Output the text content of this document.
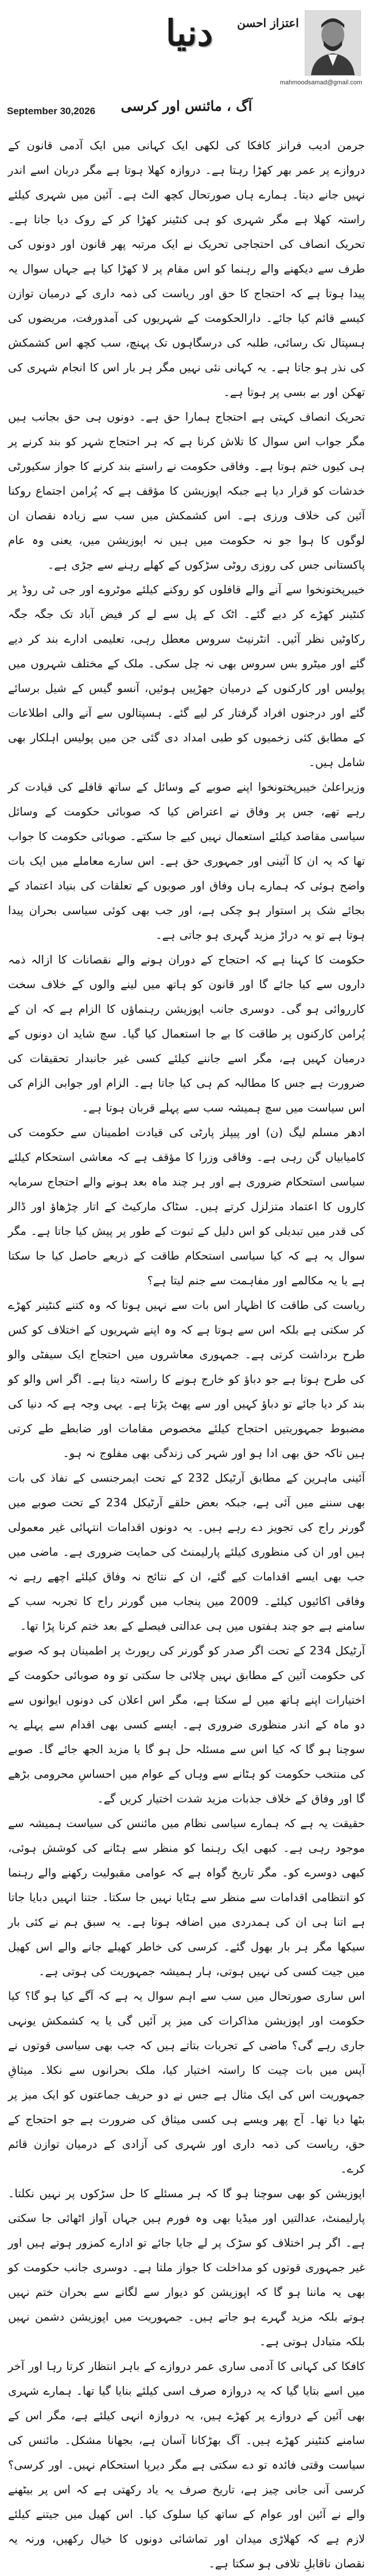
دنیا	اعتزاز احسن
mahmoodsamad@gmail.com
September 30,2026	آگ ، مائنس اور کرسی

جرمن ادیب فرانز کافکا کی لکھی ایک کہانی میں ایک آدمی قانون کے دروازے پر عمر بھر کھڑا رہتا ہے۔ دروازہ کھلا ہوتا ہے مگر دربان اسے اندر نہیں جانے دیتا۔ ہمارے ہاں صورتحال کچھ الٹ ہے۔ آئین میں شہری کیلئے راستہ کھلا ہے مگر شہری کو ہی کنٹینر کھڑا کر کے روک دیا جاتا ہے۔ تحریک انصاف کی احتجاجی تحریک نے ایک مرتبہ پھر قانون اور دونوں کی طرف سے دیکھنے والے رہنما کو اس مقام پر لا کھڑا کیا ہے جہاں سوال یہ پیدا ہوتا ہے کہ احتجاج کا حق اور ریاست کی ذمہ داری کے درمیان توازن کیسے قائم کیا جائے۔ دارالحکومت کے شہریوں کی آمدورفت، مریضوں کی ہسپتال تک رسائی، طلبہ کی درسگاہوں تک پہنچ، سب کچھ اس کشمکش کی نذر ہو جاتا ہے۔ یہ کہانی نئی نہیں مگر ہر بار اس کا انجام شہری کی تھکن اور بے بسی پر ہوتا ہے۔

تحریک انصاف کہتی ہے احتجاج ہمارا حق ہے۔ دونوں ہی حق بجانب ہیں مگر جواب اس سوال کا تلاش کرنا ہے کہ ہر احتجاج شہر کو بند کرنے پر ہی کیوں ختم ہوتا ہے۔ وفاقی حکومت نے راستے بند کرنے کا جواز سکیورٹی خدشات کو قرار دیا ہے جبکہ اپوزیشن کا مؤقف ہے کہ پُرامن اجتماع روکنا آئین کی خلاف ورزی ہے۔ اس کشمکش میں سب سے زیادہ نقصان ان لوگوں کا ہوا جو نہ حکومت میں ہیں نہ اپوزیشن میں، یعنی وہ عام پاکستانی جس کی روزی روٹی سڑکوں کے کھلے رہنے سے جڑی ہے۔

خیبرپختونخوا سے آنے والے قافلوں کو روکنے کیلئے موٹروے اور جی ٹی روڈ پر کنٹینر کھڑے کر دیے گئے۔ اٹک کے پل سے لے کر فیض آباد تک جگہ جگہ رکاوٹیں نظر آئیں۔ انٹرنیٹ سروس معطل رہی، تعلیمی ادارے بند کر دیے گئے اور میٹرو بس سروس بھی نہ چل سکی۔ ملک کے مختلف شہروں میں پولیس اور کارکنوں کے درمیان جھڑپیں ہوئیں، آنسو گیس کے شیل برسائے گئے اور درجنوں افراد گرفتار کر لیے گئے۔ ہسپتالوں سے آنے والی اطلاعات کے مطابق کئی زخمیوں کو طبی امداد دی گئی جن میں پولیس اہلکار بھی شامل ہیں۔

وزیراعلیٰ خیبرپختونخوا اپنے صوبے کے وسائل کے ساتھ قافلے کی قیادت کر رہے تھے، جس پر وفاق نے اعتراض کیا کہ صوبائی حکومت کے وسائل سیاسی مقاصد کیلئے استعمال نہیں کیے جا سکتے۔ صوبائی حکومت کا جواب تھا کہ یہ ان کا آئینی اور جمہوری حق ہے۔ اس سارے معاملے میں ایک بات واضح ہوئی کہ ہمارے ہاں وفاق اور صوبوں کے تعلقات کی بنیاد اعتماد کے بجائے شک پر استوار ہو چکی ہے، اور جب بھی کوئی سیاسی بحران پیدا ہوتا ہے تو یہ دراڑ مزید گہری ہو جاتی ہے۔

حکومت کا کہنا ہے کہ احتجاج کے دوران ہونے والے نقصانات کا ازالہ ذمہ داروں سے کیا جائے گا اور قانون کو ہاتھ میں لینے والوں کے خلاف سخت کارروائی ہو گی۔ دوسری جانب اپوزیشن رہنماؤں کا الزام ہے کہ ان کے پُرامن کارکنوں پر طاقت کا بے جا استعمال کیا گیا۔ سچ شاید ان دونوں کے درمیان کہیں ہے، مگر اسے جاننے کیلئے کسی غیر جانبدار تحقیقات کی ضرورت ہے جس کا مطالبہ کم ہی کیا جاتا ہے۔ الزام اور جوابی الزام کی اس سیاست میں سچ ہمیشہ سب سے پہلے قربان ہوتا ہے۔

ادھر مسلم لیگ (ن) اور پیپلز پارٹی کی قیادت اطمینان سے حکومت کی کامیابیاں گن رہی ہے۔ وفاقی وزرا کا مؤقف ہے کہ معاشی استحکام کیلئے سیاسی استحکام ضروری ہے اور ہر چند ماہ بعد ہونے والے احتجاج سرمایہ کاروں کا اعتماد متزلزل کرتے ہیں۔ سٹاک مارکیٹ کے اتار چڑھاؤ اور ڈالر کی قدر میں تبدیلی کو اس دلیل کے ثبوت کے طور پر پیش کیا جاتا ہے۔ مگر سوال یہ ہے کہ کیا سیاسی استحکام طاقت کے ذریعے حاصل کیا جا سکتا ہے یا یہ مکالمے اور مفاہمت سے جنم لیتا ہے؟

ریاست کی طاقت کا اظہار اس بات سے نہیں ہوتا کہ وہ کتنے کنٹینر کھڑے کر سکتی ہے بلکہ اس سے ہوتا ہے کہ وہ اپنے شہریوں کے اختلاف کو کس طرح برداشت کرتی ہے۔ جمہوری معاشروں میں احتجاج ایک سیفٹی والو کی طرح ہوتا ہے جو دباؤ کو خارج ہونے کا راستہ دیتا ہے۔ اگر اس والو کو بند کر دیا جائے تو دباؤ کہیں اور سے پھٹ پڑتا ہے۔ یہی وجہ ہے کہ دنیا کی مضبوط جمہوریتیں احتجاج کیلئے مخصوص مقامات اور ضابطے طے کرتی ہیں تاکہ حق بھی ادا ہو اور شہر کی زندگی بھی مفلوج نہ ہو۔

آئینی ماہرین کے مطابق آرٹیکل 232 کے تحت ایمرجنسی کے نفاذ کی بات بھی سننے میں آئی ہے، جبکہ بعض حلقے آرٹیکل 234 کے تحت صوبے میں گورنر راج کی تجویز دے رہے ہیں۔ یہ دونوں اقدامات انتہائی غیر معمولی ہیں اور ان کی منظوری کیلئے پارلیمنٹ کی حمایت ضروری ہے۔ ماضی میں جب بھی ایسے اقدامات کیے گئے، ان کے نتائج نہ وفاق کیلئے اچھے رہے نہ وفاقی اکائیوں کیلئے۔ 2009 میں پنجاب میں گورنر راج کا تجربہ سب کے سامنے ہے جو چند ہفتوں میں ہی عدالتی فیصلے کے بعد ختم کرنا پڑا تھا۔

آرٹیکل 234 کے تحت اگر صدر کو گورنر کی رپورٹ پر اطمینان ہو کہ صوبے کی حکومت آئین کے مطابق نہیں چلائی جا سکتی تو وہ صوبائی حکومت کے اختیارات اپنے ہاتھ میں لے سکتا ہے، مگر اس اعلان کی دونوں ایوانوں سے دو ماہ کے اندر منظوری ضروری ہے۔ ایسے کسی بھی اقدام سے پہلے یہ سوچنا ہو گا کہ کیا اس سے مسئلہ حل ہو گا یا مزید الجھ جائے گا۔ صوبے کی منتخب حکومت کو ہٹانے سے وہاں کے عوام میں احساسِ محرومی بڑھے گا اور وفاق کے خلاف جذبات مزید شدت اختیار کریں گے۔

حقیقت یہ ہے کہ ہمارے سیاسی نظام میں مائنس کی سیاست ہمیشہ سے موجود رہی ہے۔ کبھی ایک رہنما کو منظر سے ہٹانے کی کوشش ہوئی، کبھی دوسرے کو۔ مگر تاریخ گواہ ہے کہ عوامی مقبولیت رکھنے والے رہنما کو انتظامی اقدامات سے منظر سے ہٹایا نہیں جا سکتا۔ جتنا انہیں دبایا جاتا ہے اتنا ہی ان کی ہمدردی میں اضافہ ہوتا ہے۔ یہ سبق ہم نے کئی بار سیکھا مگر ہر بار بھول گئے۔ کرسی کی خاطر کھیلے جانے والے اس کھیل میں جیت کسی کی نہیں ہوتی، ہار ہمیشہ جمہوریت کی ہوتی ہے۔

اس ساری صورتحال میں سب سے اہم سوال یہ ہے کہ آگے کیا ہو گا؟ کیا حکومت اور اپوزیشن مذاکرات کی میز پر آئیں گی یا یہ کشمکش یونہی جاری رہے گی؟ ماضی کے تجربات بتاتے ہیں کہ جب بھی سیاسی قوتوں نے آپس میں بات چیت کا راستہ اختیار کیا، ملک بحرانوں سے نکلا۔ میثاقِ جمہوریت اس کی ایک مثال ہے جس نے دو حریف جماعتوں کو ایک میز پر بٹھا دیا تھا۔ آج پھر ویسے ہی کسی میثاق کی ضرورت ہے جو احتجاج کے حق، ریاست کی ذمہ داری اور شہری کی آزادی کے درمیان توازن قائم کرے۔

اپوزیشن کو بھی سوچنا ہو گا کہ ہر مسئلے کا حل سڑکوں پر نہیں نکلتا۔ پارلیمنٹ، عدالتیں اور میڈیا بھی وہ فورم ہیں جہاں آواز اٹھائی جا سکتی ہے۔ اگر ہر اختلاف کو سڑک پر لے جایا جائے تو ادارے کمزور ہوتے ہیں اور غیر جمہوری قوتوں کو مداخلت کا جواز ملتا ہے۔ دوسری جانب حکومت کو بھی یہ ماننا ہو گا کہ اپوزیشن کو دیوار سے لگانے سے بحران ختم نہیں ہوتے بلکہ مزید گہرے ہو جاتے ہیں۔ جمہوریت میں اپوزیشن دشمن نہیں بلکہ متبادل ہوتی ہے۔

کافکا کی کہانی کا آدمی ساری عمر دروازے کے باہر انتظار کرتا رہا اور آخر میں اسے بتایا گیا کہ یہ دروازہ صرف اسی کیلئے بنایا گیا تھا۔ ہمارے شہری بھی آئین کے دروازے پر کھڑے ہیں، یہ دروازہ انہی کیلئے ہے، مگر اس کے سامنے کنٹینر کھڑے ہیں۔ آگ بھڑکانا آسان ہے، بجھانا مشکل۔ مائنس کی سیاست وقتی فائدہ تو دے سکتی ہے مگر دیرپا استحکام نہیں۔ اور کرسی؟ کرسی آنی جانی چیز ہے، تاریخ صرف یہ یاد رکھتی ہے کہ اس پر بیٹھنے والے نے آئین اور عوام کے ساتھ کیا سلوک کیا۔ اس کھیل میں جیتنے کیلئے لازم ہے کہ کھلاڑی میدان اور تماشائی دونوں کا خیال رکھیں، ورنہ یہ نقصان ناقابلِ تلافی ہو سکتا ہے۔
